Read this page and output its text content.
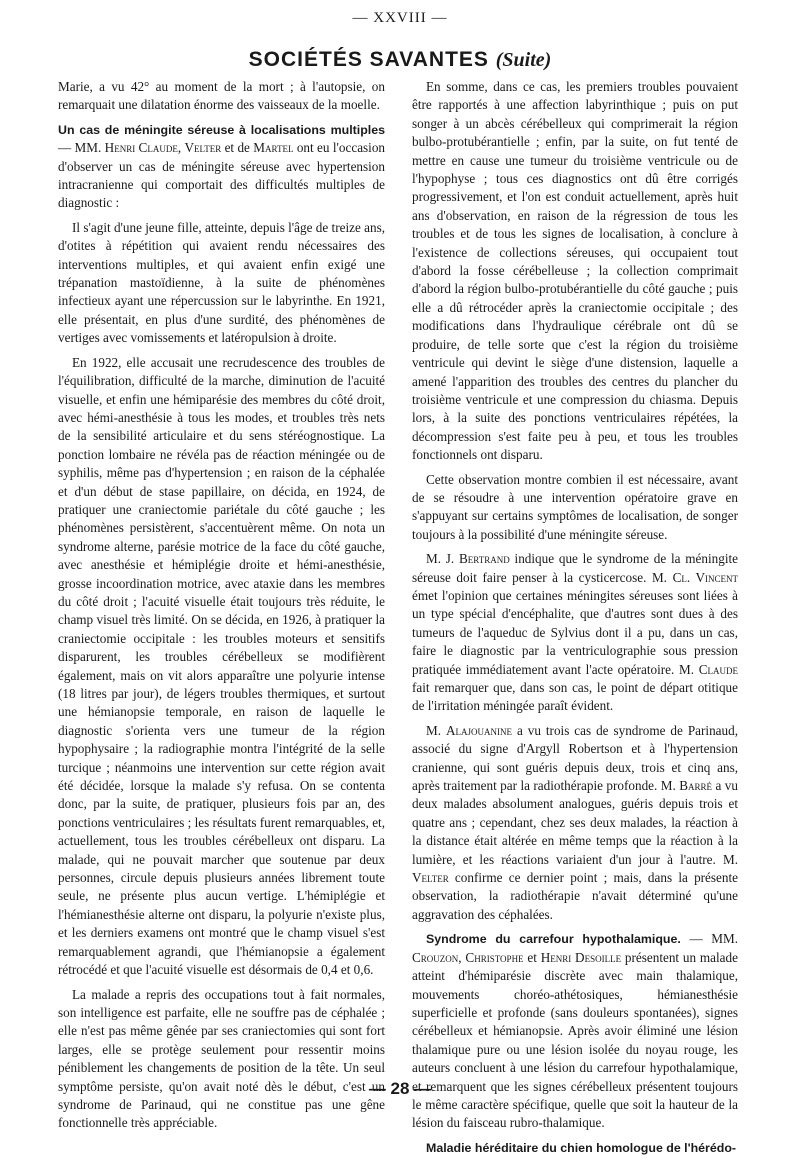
— XXVIII —
SOCIÉTÉS SAVANTES (Suite)

Marie, a vu 42° au moment de la mort ; à l'autopsie, on remarquait une dilatation énorme des vaisseaux de la moelle.

Un cas de méningite séreuse à localisations multiples — MM. Henri Claude, Velter et de Martel ont eu l'occasion d'observer un cas de méningite séreuse avec hypertension intracranienne qui comportait des difficultés multiples de diagnostic :

Il s'agit d'une jeune fille, atteinte, depuis l'âge de treize ans, d'otites à répétition qui avaient rendu nécessaires des interventions multiples, et qui avaient enfin exigé une trépanation mastoïdienne, à la suite de phénomènes infectieux ayant une répercussion sur le labyrinthe. En 1921, elle présentait, en plus d'une surdité, des phénomènes de vertiges avec vomissements et latéropulsion à droite.

En 1922, elle accusait une recrudescence des troubles de l'équilibration, difficulté de la marche, diminution de l'acuité visuelle, et enfin une hémiparésie des membres du côté droit, avec hémi-anesthésie à tous les modes, et troubles très nets de la sensibilité articulaire et du sens stéréognostique. La ponction lombaire ne révéla pas de réaction méningée ou de syphilis, même pas d'hypertension ; en raison de la céphalée et d'un début de stase papillaire, on décida, en 1924, de pratiquer une craniectomie pariétale du côté gauche ; les phénomènes persistèrent, s'accentuèrent même. On nota un syndrome alterne, parésie motrice de la face du côté gauche, avec anesthésie et hémiplégie droite et hémi-anesthésie, grosse incoordination motrice, avec ataxie dans les membres du côté droit ; l'acuité visuelle était toujours très réduite, le champ visuel très limité. On se décida, en 1926, à pratiquer la craniectomie occipitale : les troubles moteurs et sensitifs disparurent, les troubles cérébelleux se modifièrent également, mais on vit alors apparaître une polyurie intense (18 litres par jour), de légers troubles thermiques, et surtout une hémianopsie temporale, en raison de laquelle le diagnostic s'orienta vers une tumeur de la région hypophysaire ; la radiographie montra l'intégrité de la selle turcique ; néanmoins une intervention sur cette région avait été décidée, lorsque la malade s'y refusa. On se contenta donc, par la suite, de pratiquer, plusieurs fois par an, des ponctions ventriculaires ; les résultats furent remarquables, et, actuellement, tous les troubles cérébelleux ont disparu. La malade, qui ne pouvait marcher que soutenue par deux personnes, circule depuis plusieurs années librement toute seule, ne présente plus aucun vertige. L'hémiplégie et l'hémianesthésie alterne ont disparu, la polyurie n'existe plus, et les derniers examens ont montré que le champ visuel s'est remarquablement agrandi, que l'hémianopsie a également rétrocédé et que l'acuité visuelle est désormais de 0,4 et 0,6.

La malade a repris des occupations tout à fait normales, son intelligence est parfaite, elle ne souffre pas de céphalée ; elle n'est pas même gênée par ses craniectomies qui sont fort larges, elle se protège seulement pour ressentir moins péniblement les changements de position de la tête. Un seul symptôme persiste, qu'on avait noté dès le début, c'est un syndrome de Parinaud, qui ne constitue pas une gêne fonctionnelle très appréciable.

En somme, dans ce cas, les premiers troubles pouvaient être rapportés à une affection labyrinthique ; puis on put songer à un abcès cérébelleux qui comprimerait la région bulbo-protubérantielle ; enfin, par la suite, on fut tenté de mettre en cause une tumeur du troisième ventricule ou de l'hypophyse ; tous ces diagnostics ont dû être corrigés progressivement, et l'on est conduit actuellement, après huit ans d'observation, en raison de la régression de tous les troubles et de tous les signes de localisation, à conclure à l'existence de collections séreuses, qui occupaient tout d'abord la fosse cérébelleuse ; la collection comprimait d'abord la région bulbo-protubérantielle du côté gauche ; puis elle a dû rétrocéder après la craniectomie occipitale ; des modifications dans l'hydraulique cérébrale ont dû se produire, de telle sorte que c'est la région du troisième ventricule qui devint le siège d'une distension, laquelle a amené l'apparition des troubles des centres du plancher du troisième ventricule et une compression du chiasma. Depuis lors, à la suite des ponctions ventriculaires répétées, la décompression s'est faite peu à peu, et tous les troubles fonctionnels ont disparu.

Cette observation montre combien il est nécessaire, avant de se résoudre à une intervention opératoire grave en s'appuyant sur certains symptômes de localisation, de songer toujours à la possibilité d'une méningite séreuse.

M. J. Bertrand indique que le syndrome de la méningite séreuse doit faire penser à la cysticercose. M. Cl. Vincent émet l'opinion que certaines méningites séreuses sont liées à un type spécial d'encéphalite, que d'autres sont dues à des tumeurs de l'aqueduc de Sylvius dont il a pu, dans un cas, faire le diagnostic par la ventriculographie sous pression pratiquée immédiatement avant l'acte opératoire. M. Claude fait remarquer que, dans son cas, le point de départ otitique de l'irritation méningée paraît évident.

M. Alajouanine a vu trois cas de syndrome de Parinaud, associé du signe d'Argyll Robertson et à l'hypertension cranienne, qui sont guéris depuis deux, trois et cinq ans, après traitement par la radiothérapie profonde. M. Barré a vu deux malades absolument analogues, guéris depuis trois et quatre ans ; cependant, chez ses deux malades, la réaction à la distance était altérée en même temps que la réaction à la lumière, et les réactions variaient d'un jour à l'autre. M. Velter confirme ce dernier point ; mais, dans la présente observation, la radiothérapie n'avait déterminé qu'une aggravation des céphalées.

Syndrome du carrefour hypothalamique. — MM. Crouzon, Christophe et Henri Desoille présentent un malade atteint d'hémiparésie discrète avec main thalamique, mouvements choréo-athétosiques, hémianesthésie superficielle et profonde (sans douleurs spontanées), signes cérébelleux et hémianopsie. Après avoir éliminé une lésion thalamique pure ou une lésion isolée du noyau rouge, les auteurs concluent à une lésion du carrefour hypothalamique, et remarquent que les signes cérébelleux présentent toujours le même caractère spécifique, quelle que soit la hauteur de la lésion du faisceau rubro-thalamique.

Maladie héréditaire du chien homologue de l'hérédo-

— 28 —
